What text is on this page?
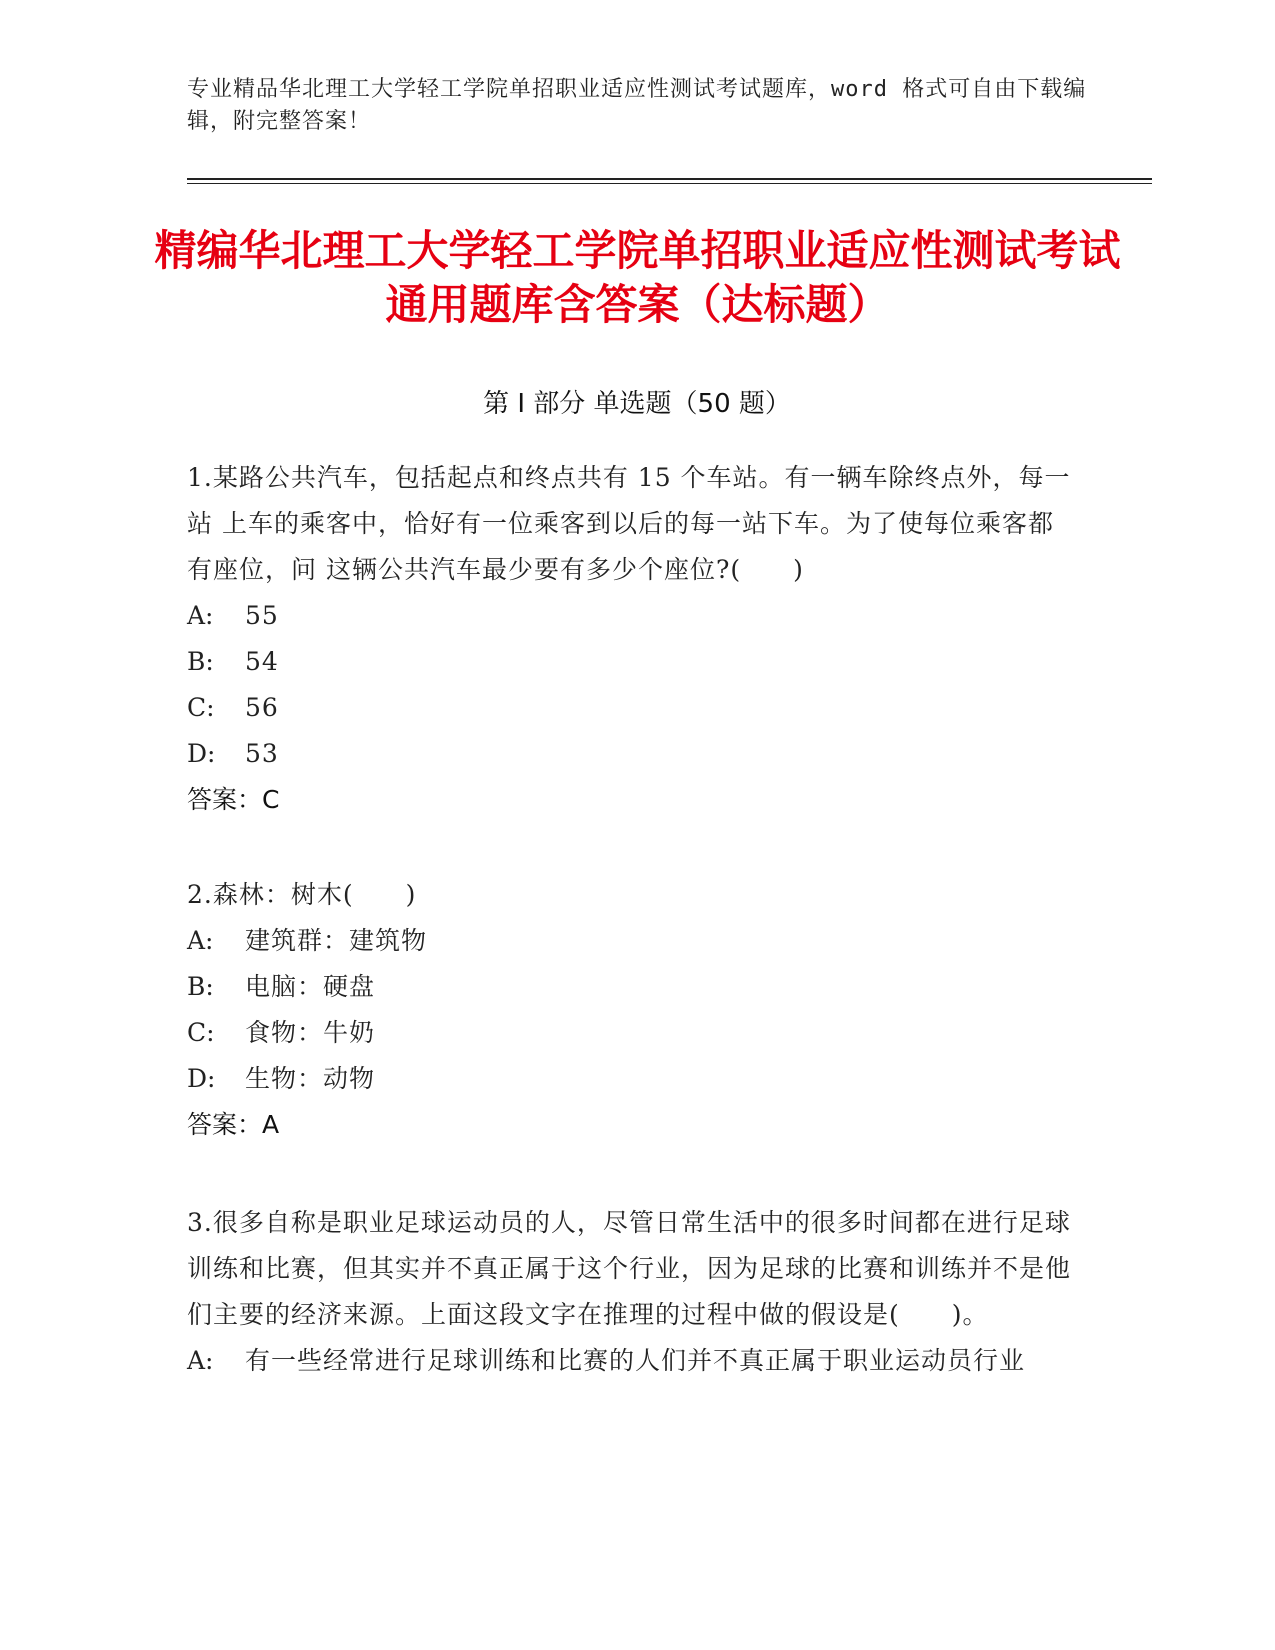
专业精品华北理工大学轻工学院单招职业适应性测试考试题库，word 格式可自由下载编辑，附完整答案！
精编华北理工大学轻工学院单招职业适应性测试考试通用题库含答案（达标题）
第 I 部分 单选题（50 题）
1.某路公共汽车，包括起点和终点共有 15 个车站。有一辆车除终点外，每一站 上车的乘客中，恰好有一位乘客到以后的每一站下车。为了使每位乘客都有座位，问 这辆公共汽车最少要有多少个座位?(　　)
A:	55
B:	54
C:	56
D:	53
答案：C
2.森林：树木(　　)
A:	建筑群：建筑物
B:	电脑：硬盘
C:	食物：牛奶
D:	生物：动物
答案：A
3.很多自称是职业足球运动员的人，尽管日常生活中的很多时间都在进行足球 训练和比赛，但其实并不真正属于这个行业，因为足球的比赛和训练并不是他们主要的经济来源。上面这段文字在推理的过程中做的假设是(　　)。
A:	有一些经常进行足球训练和比赛的人们并不真正属于职业运动员行业
